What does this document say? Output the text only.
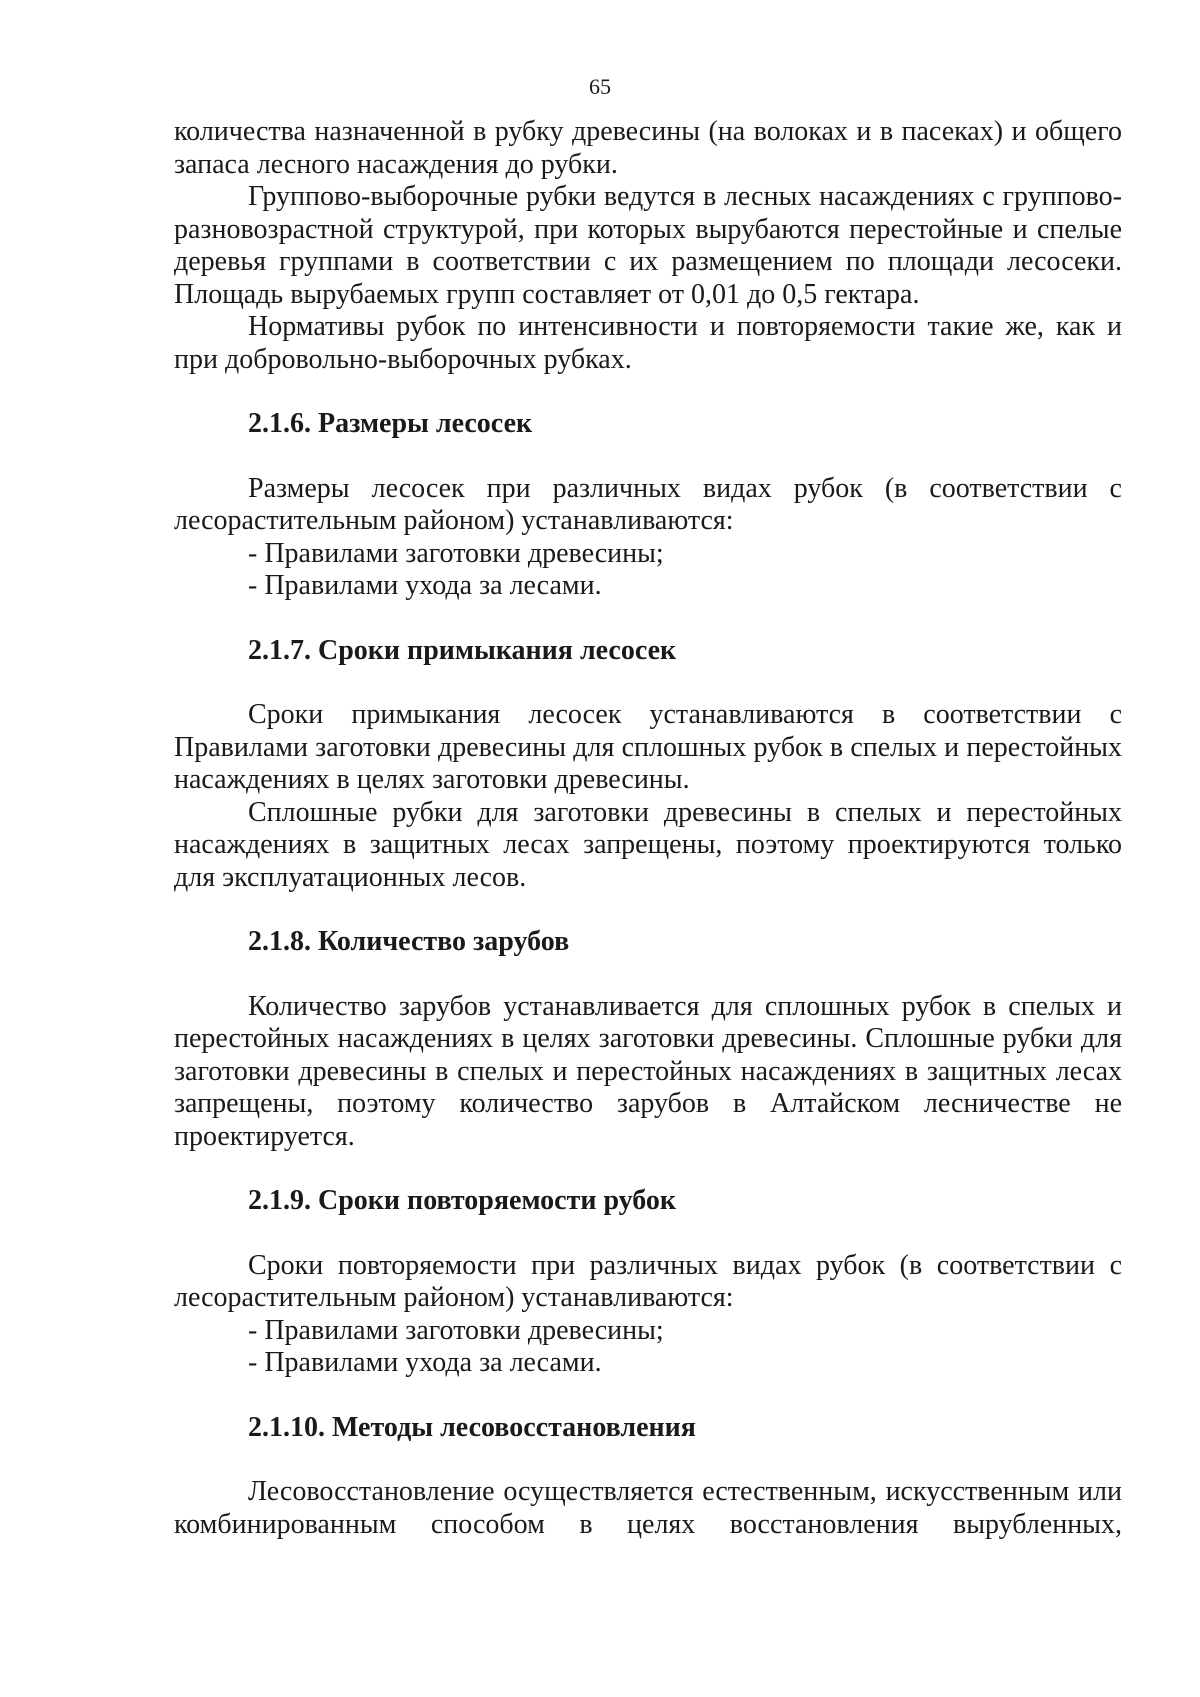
65

количества назначенной в рубку древесины (на волоках и в пасеках) и общего запаса лесного насаждения до рубки.

Группово-выборочные рубки ведутся в лесных насаждениях с группово-разновозрастной структурой, при которых вырубаются перестойные и спелые деревья группами в соответствии с их размещением по площади лесосеки. Площадь вырубаемых групп составляет от 0,01 до 0,5 гектара.

Нормативы рубок по интенсивности и повторяемости такие же, как и при добровольно-выборочных рубках.

2.1.6. Размеры лесосек

Размеры лесосек при различных видах рубок (в соответствии с лесорастительным районом) устанавливаются:

- Правилами заготовки древесины;

- Правилами ухода за лесами.

2.1.7. Сроки примыкания лесосек

Сроки примыкания лесосек устанавливаются в соответствии с Правилами заготовки древесины для сплошных рубок в спелых и перестойных насаждениях в целях заготовки древесины.

Сплошные рубки для заготовки древесины в спелых и перестойных насаждениях в защитных лесах запрещены, поэтому проектируются только для эксплуатационных лесов.

2.1.8. Количество зарубов

Количество зарубов устанавливается для сплошных рубок в спелых и перестойных насаждениях в целях заготовки древесины. Сплошные рубки для заготовки древесины в спелых и перестойных насаждениях в защитных лесах запрещены, поэтому количество зарубов в Алтайском лесничестве не проектируется.

2.1.9. Сроки повторяемости рубок

Сроки повторяемости при различных видах рубок (в соответствии с лесорастительным районом) устанавливаются:

- Правилами заготовки древесины;

- Правилами ухода за лесами.

2.1.10. Методы лесовосстановления

Лесовосстановление осуществляется естественным, искусственным или комбинированным способом в целях восстановления вырубленных,
